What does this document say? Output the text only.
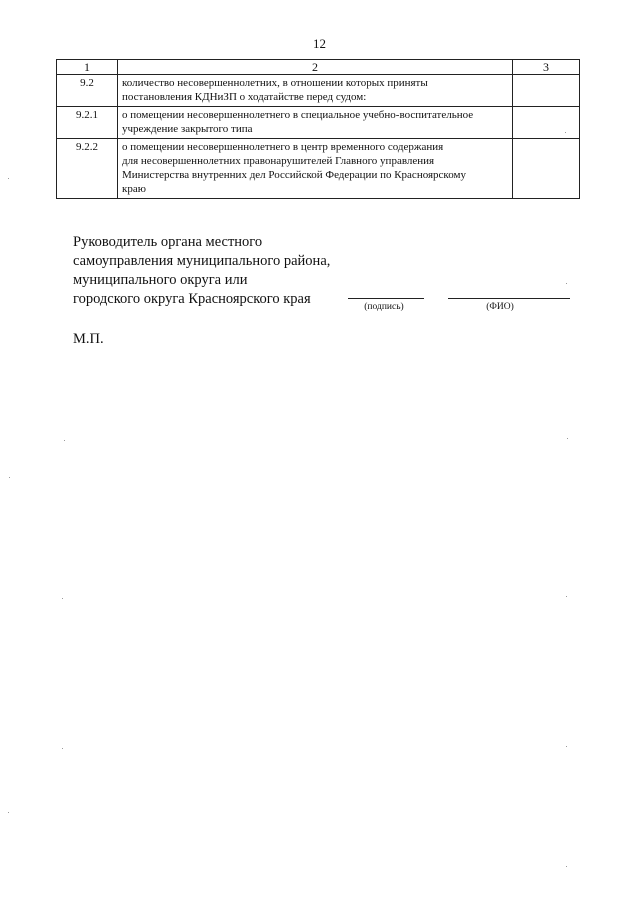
12
1	2	3
9.2	количество несовершеннолетних, в отношении которых приняты
постановления КДНиЗП о ходатайстве перед судом:	

9.2.1	о помещении несовершеннолетнего в специальное учебно-воспитательное
учреждение закрытого типа	

9.2.2	о помещении несовершеннолетнего в центр временного содержания
для несовершеннолетних правонарушителей Главного управления
Министерства внутренних дел Российской Федерации по Красноярскому
краю	

Руководитель органа местного
самоуправления муниципального района,
муниципального округа или
городского округа Красноярского края	(подпись)	(ФИО)
М.П.
